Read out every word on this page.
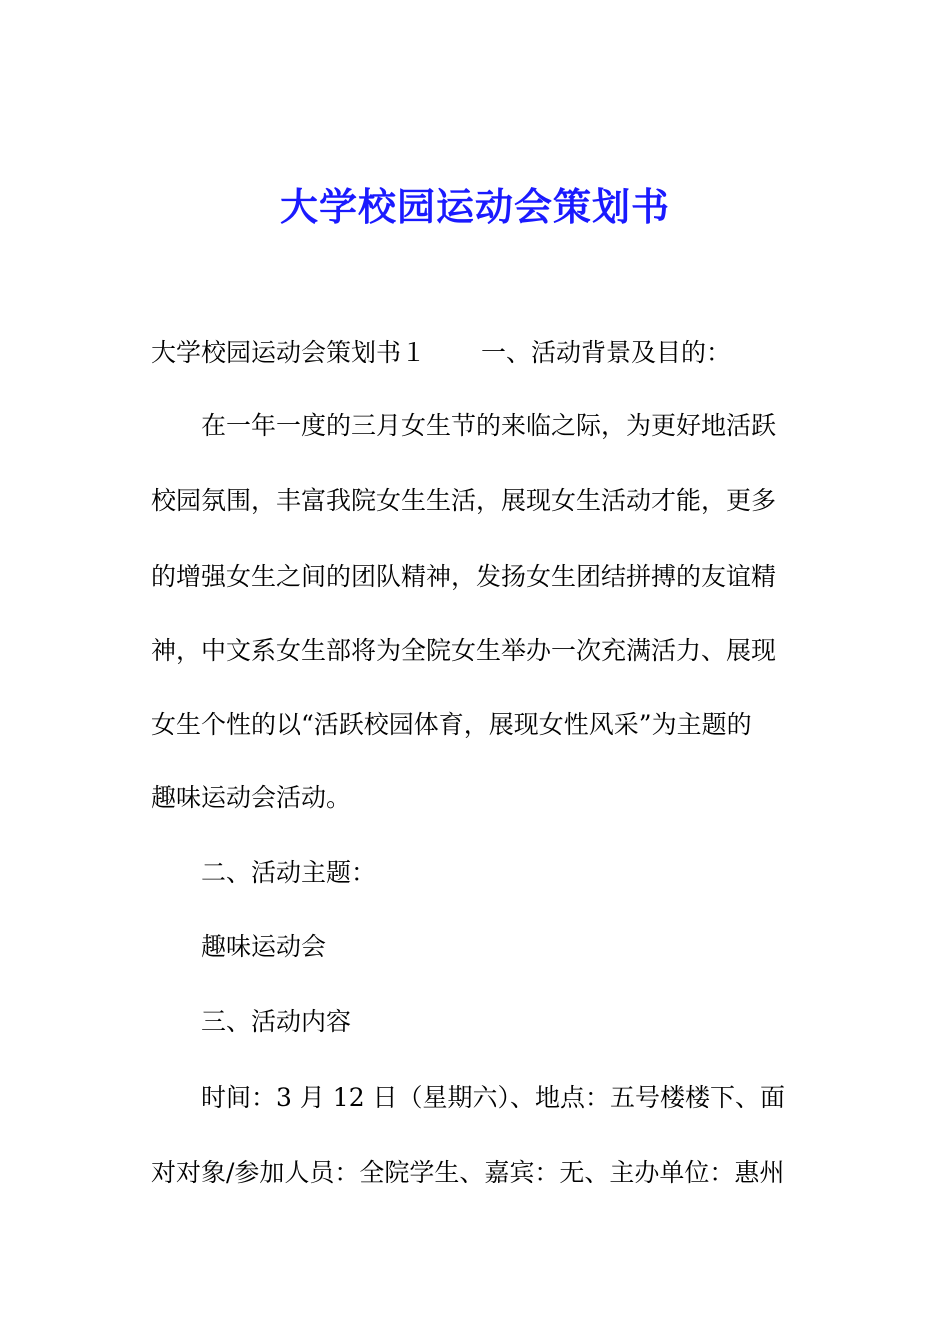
大学校园运动会策划书
大学校园运动会策划书１ 一、活动背景及目的：
在一年一度的三月女生节的来临之际，为更好地活跃
校园氛围，丰富我院女生生活，展现女生活动才能，更多
的增强女生之间的团队精神，发扬女生团结拼搏的友谊精
神，中文系女生部将为全院女生举办一次充满活力、展现
女生个性的以“活跃校园体育，展现女性风采”为主题的
趣味运动会活动。
二、活动主题：
趣味运动会
三、活动内容
时间：3 月 12 日（星期六）、地点：五号楼楼下、面
对对象/参加人员：全院学生、嘉宾：无、主办单位：惠州
